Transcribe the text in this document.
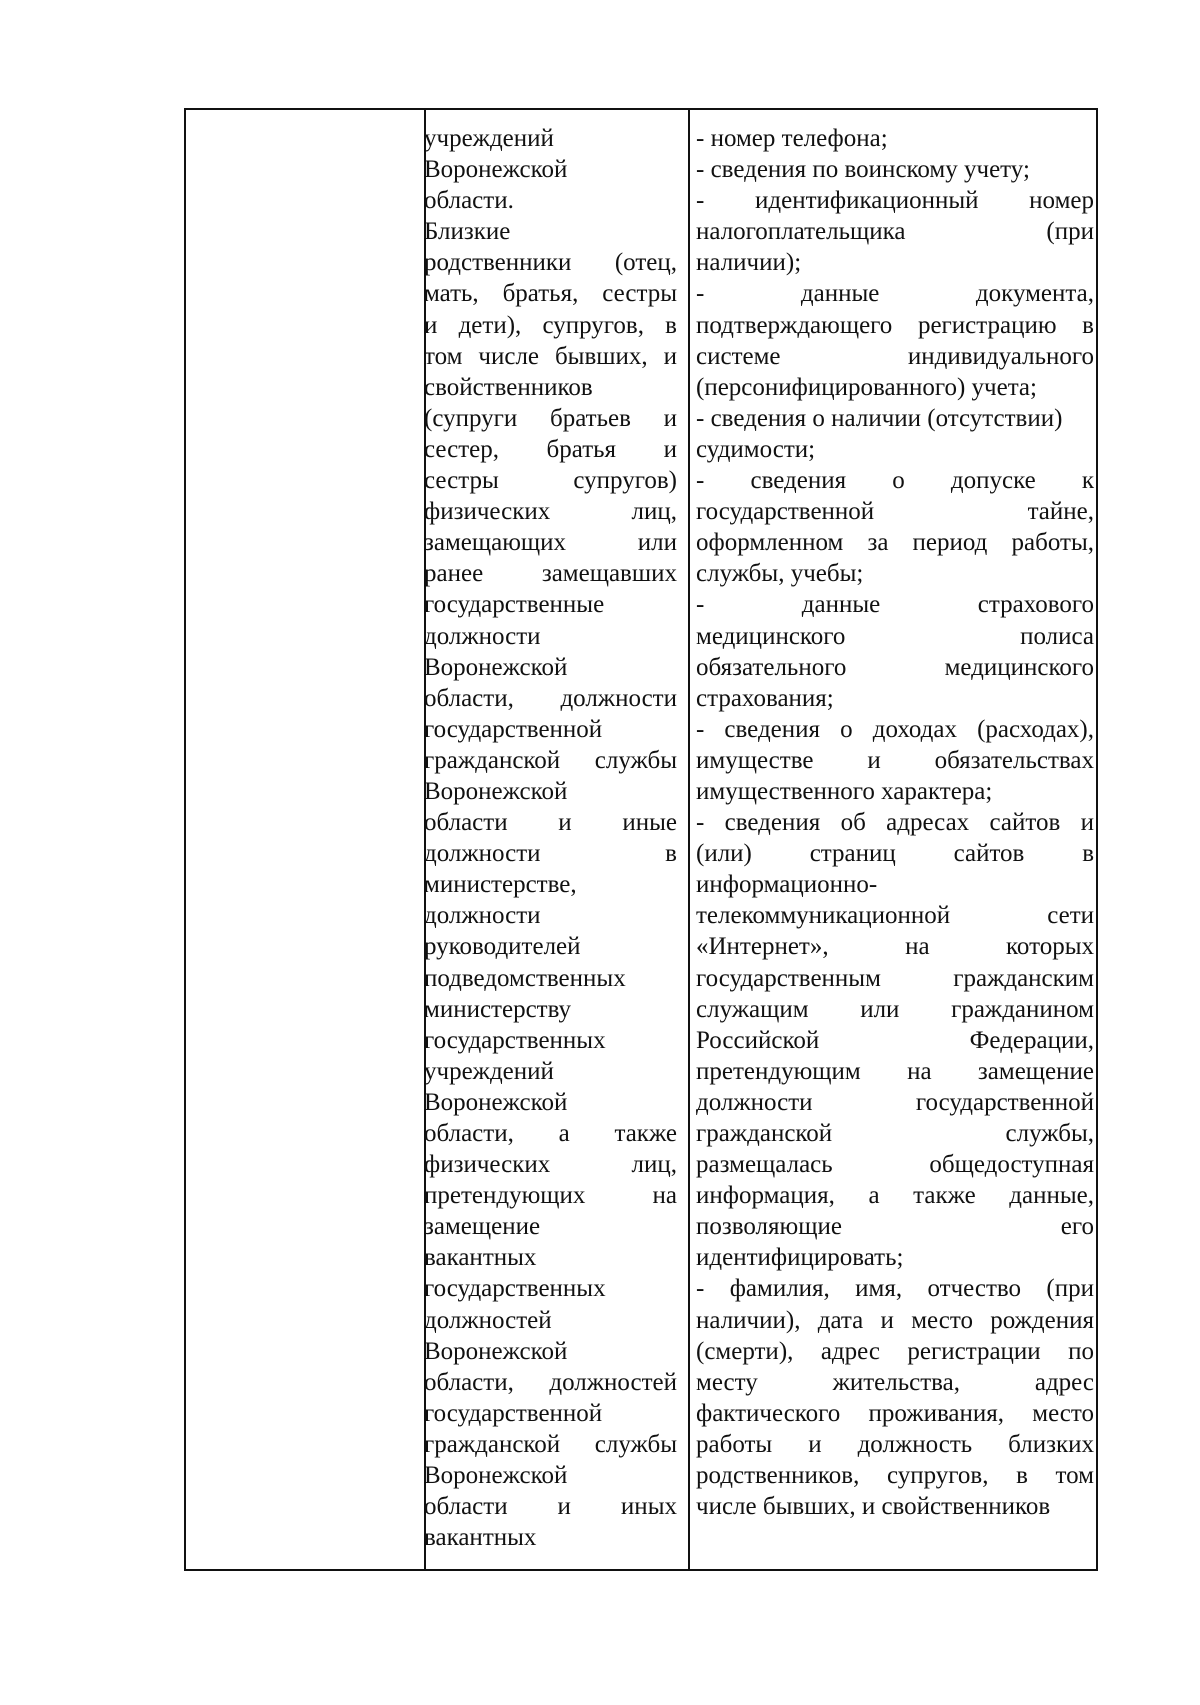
учреждений
Воронежской
области.
Близкие
родственники (отец,
мать, братья, сестры
и дети), супругов, в
том числе бывших, и
свойственников
(супруги братьев и
сестер, братья и
сестры супругов)
физических лиц,
замещающих или
ранее замещавших
государственные
должности
Воронежской
области, должности
государственной
гражданской службы
Воронежской
области и иные
должности в
министерстве,
должности
руководителей
подведомственных
министерству
государственных
учреждений
Воронежской
области, а также
физических лиц,
претендующих на
замещение
вакантных
государственных
должностей
Воронежской
области, должностей
государственной
гражданской службы
Воронежской
области и иных
вакантных
- номер телефона;
- сведения по воинскому учету;
- идентификационный номер
налогоплательщика (при
наличии);
- данные документа,
подтверждающего регистрацию в
системе индивидуального
(персонифицированного) учета;
- сведения о наличии (отсутствии)
судимости;
- сведения о допуске к
государственной тайне,
оформленном за период работы,
службы, учебы;
- данные страхового
медицинского полиса
обязательного медицинского
страхования;
- сведения о доходах (расходах),
имуществе и обязательствах
имущественного характера;
- сведения об адресах сайтов и
(или) страниц сайтов в
информационно-
телекоммуникационной сети
«Интернет», на которых
государственным гражданским
служащим или гражданином
Российской Федерации,
претендующим на замещение
должности государственной
гражданской службы,
размещалась общедоступная
информация, а также данные,
позволяющие его
идентифицировать;
- фамилия, имя, отчество (при
наличии), дата и место рождения
(смерти), адрес регистрации по
месту жительства, адрес
фактического проживания, место
работы и должность близких
родственников, супругов, в том
числе бывших, и свойственников
